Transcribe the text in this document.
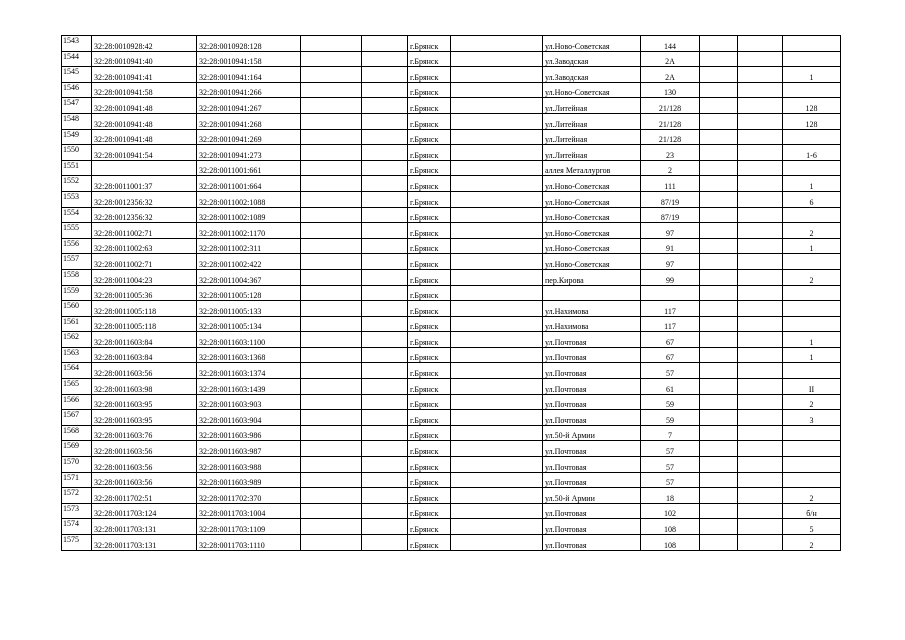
1543	32:28:0010928:42	32:28:0010928:128			г.Брянск		ул.Ново-Советская	144			
1544	32:28:0010941:40	32:28:0010941:158			г.Брянск		ул.Заводская	2А			
1545	32:28:0010941:41	32:28:0010941:164			г.Брянск		ул.Заводская	2А			1
1546	32:28:0010941:58	32:28:0010941:266			г.Брянск		ул.Ново-Советская	130			
1547	32:28:0010941:48	32:28:0010941:267			г.Брянск		ул.Литейная	21/128			128
1548	32:28:0010941:48	32:28:0010941:268			г.Брянск		ул.Литейная	21/128			128
1549	32:28:0010941:48	32:28:0010941:269			г.Брянск		ул.Литейная	21/128			
1550	32:28:0010941:54	32:28:0010941:273			г.Брянск		ул.Литейная	23			1-6
1551		32:28:0011001:661			г.Брянск		аллея Металлургов	2			
1552	32:28:0011001:37	32:28:0011001:664			г.Брянск		ул.Ново-Советская	111			1
1553	32:28:0012356:32	32:28:0011002:1088			г.Брянск		ул.Ново-Советская	87/19			6
1554	32:28:0012356:32	32:28:0011002:1089			г.Брянск		ул.Ново-Советская	87/19			
1555	32:28:0011002:71	32:28:0011002:1170			г.Брянск		ул.Ново-Советская	97			2
1556	32:28:0011002:63	32:28:0011002:311			г.Брянск		ул.Ново-Советская	91			1
1557	32:28:0011002:71	32:28:0011002:422			г.Брянск		ул.Ново-Советская	97			
1558	32:28:0011004:23	32:28:0011004:367			г.Брянск		пер.Кирова	99			2
1559	32:28:0011005:36	32:28:0011005:128			г.Брянск						
1560	32:28:0011005:118	32:28:0011005:133			г.Брянск		ул.Нахимова	117			
1561	32:28:0011005:118	32:28:0011005:134			г.Брянск		ул.Нахимова	117			
1562	32:28:0011603:84	32:28:0011603:1100			г.Брянск		ул.Почтовая	67			1
1563	32:28:0011603:84	32:28:0011603:1368			г.Брянск		ул.Почтовая	67			1
1564	32:28:0011603:56	32:28:0011603:1374			г.Брянск		ул.Почтовая	57			
1565	32:28:0011603:98	32:28:0011603:1439			г.Брянск		ул.Почтовая	61			II
1566	32:28:0011603:95	32:28:0011603:903			г.Брянск		ул.Почтовая	59			2
1567	32:28:0011603:95	32:28:0011603:904			г.Брянск		ул.Почтовая	59			3
1568	32:28:0011603:76	32:28:0011603:986			г.Брянск		ул.50-й Армии	7			
1569	32:28:0011603:56	32:28:0011603:987			г.Брянск		ул.Почтовая	57			
1570	32:28:0011603:56	32:28:0011603:988			г.Брянск		ул.Почтовая	57			
1571	32:28:0011603:56	32:28:0011603:989			г.Брянск		ул.Почтовая	57			
1572	32:28:0011702:51	32:28:0011702:370			г.Брянск		ул.50-й Армии	18			2
1573	32:28:0011703:124	32:28:0011703:1004			г.Брянск		ул.Почтовая	102			б/н
1574	32:28:0011703:131	32:28:0011703:1109			г.Брянск		ул.Почтовая	108			5
1575	32:28:0011703:131	32:28:0011703:1110			г.Брянск		ул.Почтовая	108			2
